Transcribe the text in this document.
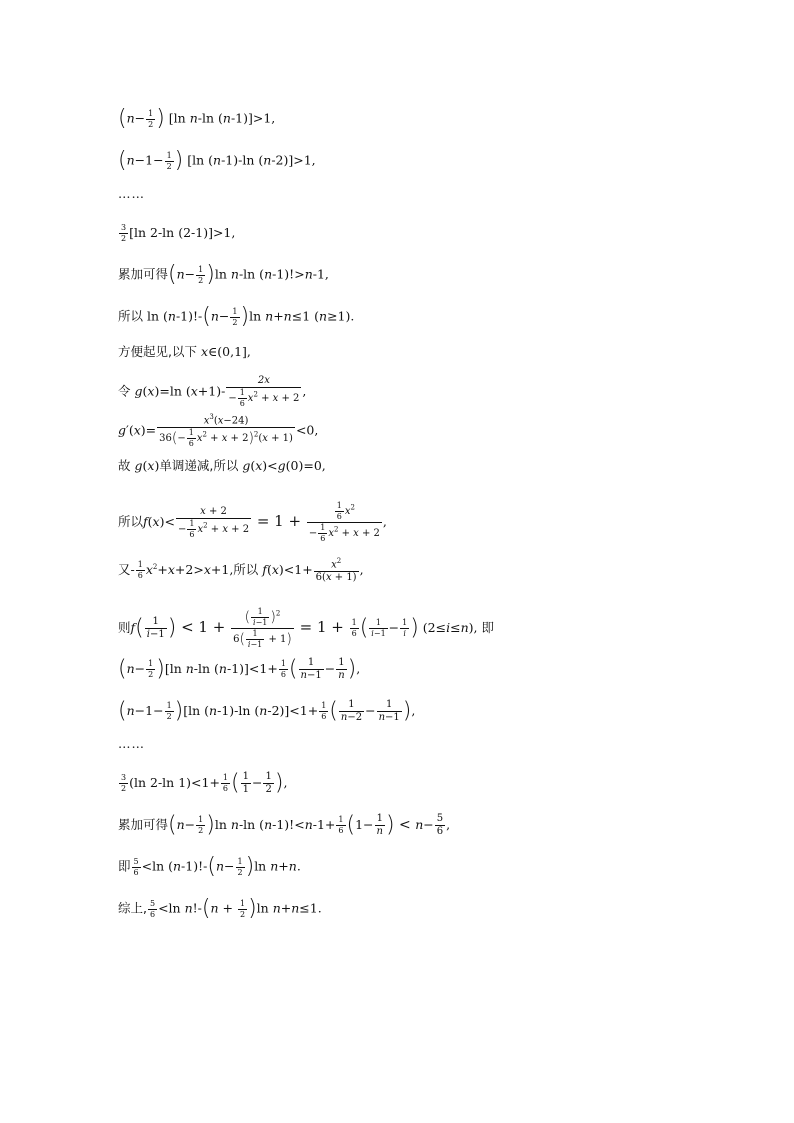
($n- \frac{1}{2}$ ) [ln n-ln (n-1)]>1,
($n-1- \frac{1}{2}$ ) [ln (n-1)-ln (n-2)]>1,
……
$\frac{3}{2} [\ln$ 2-ln (2-1)]>1,
累加可得$(n- \frac{1}{2} )\ln$ n-ln (n-1)!>n-1,
所以 $\ln (n-1)!-(n- \frac{1}{2} )\ln$ n+n≤1 (n≥1).
方便起见,以下 x∈(0,1],
令 g(x)=ln $(x+1)- \frac{2x}{- \frac{1}{6} x^2 + x + 2}$ ,
$g'(x)= \frac{x^3(x-24)}{36(- \frac{1}{6} x^2 + x + 2)^2(x + 1)} <0$,
故 g(x)单调递减,所以 g(x)<g(0)=0,
所以$f(x)< \frac{x + 2}{- \frac{1}{6} x^2 + x + 2} = 1 + \frac{\frac{1}{6} x^2}{- \frac{1}{6} x^2 + x + 2}$ ,
又- $\frac{1}{6} x^2+x+2>x+1$,所以 $f(x)<1+ \frac{x^2}{6(x + 1)}$ ,
则$f( \frac{1}{i-1}$ ) < $1 + \frac{( \frac{1}{i-1} )^2}{6( \frac{1}{i-1} + 1)} = 1 + \frac{1}{6}$ ( $\frac{1}{i-1} - \frac{1}{i}$ ) (2≤i≤n), 即
$(n- \frac{1}{2} )[\ln$ n-ln $(n-1)]<1+ \frac{1}{6}$ ( $\frac{1}{n-1} - \frac{1}{n}$ ),
$(n-1- \frac{1}{2} )[\ln$ (n-1)-ln $(n-2)]<1+ \frac{1}{6}$ ( $\frac{1}{n-2} - \frac{1}{n-1}$ ),
……
$\frac{3}{2} (\ln$ 2-ln $1)<1+ \frac{1}{6}$ ( $\frac{1}{1} - \frac{1}{2}$ ),
累加可得$(n- \frac{1}{2} )\ln$ n-ln $(n-1)!<n-1+ \frac{1}{6} (1- \frac{1}{n}$ ) < $n- \frac{5}{6}$ ,
即 $\frac{5}{6} <\ln$ $(n-1)!-(n- \frac{1}{2} )\ln$ n+n.
综上, $\frac{5}{6} <\ln$ $n!-(n + \frac{1}{2} )\ln$ n+n≤1.
